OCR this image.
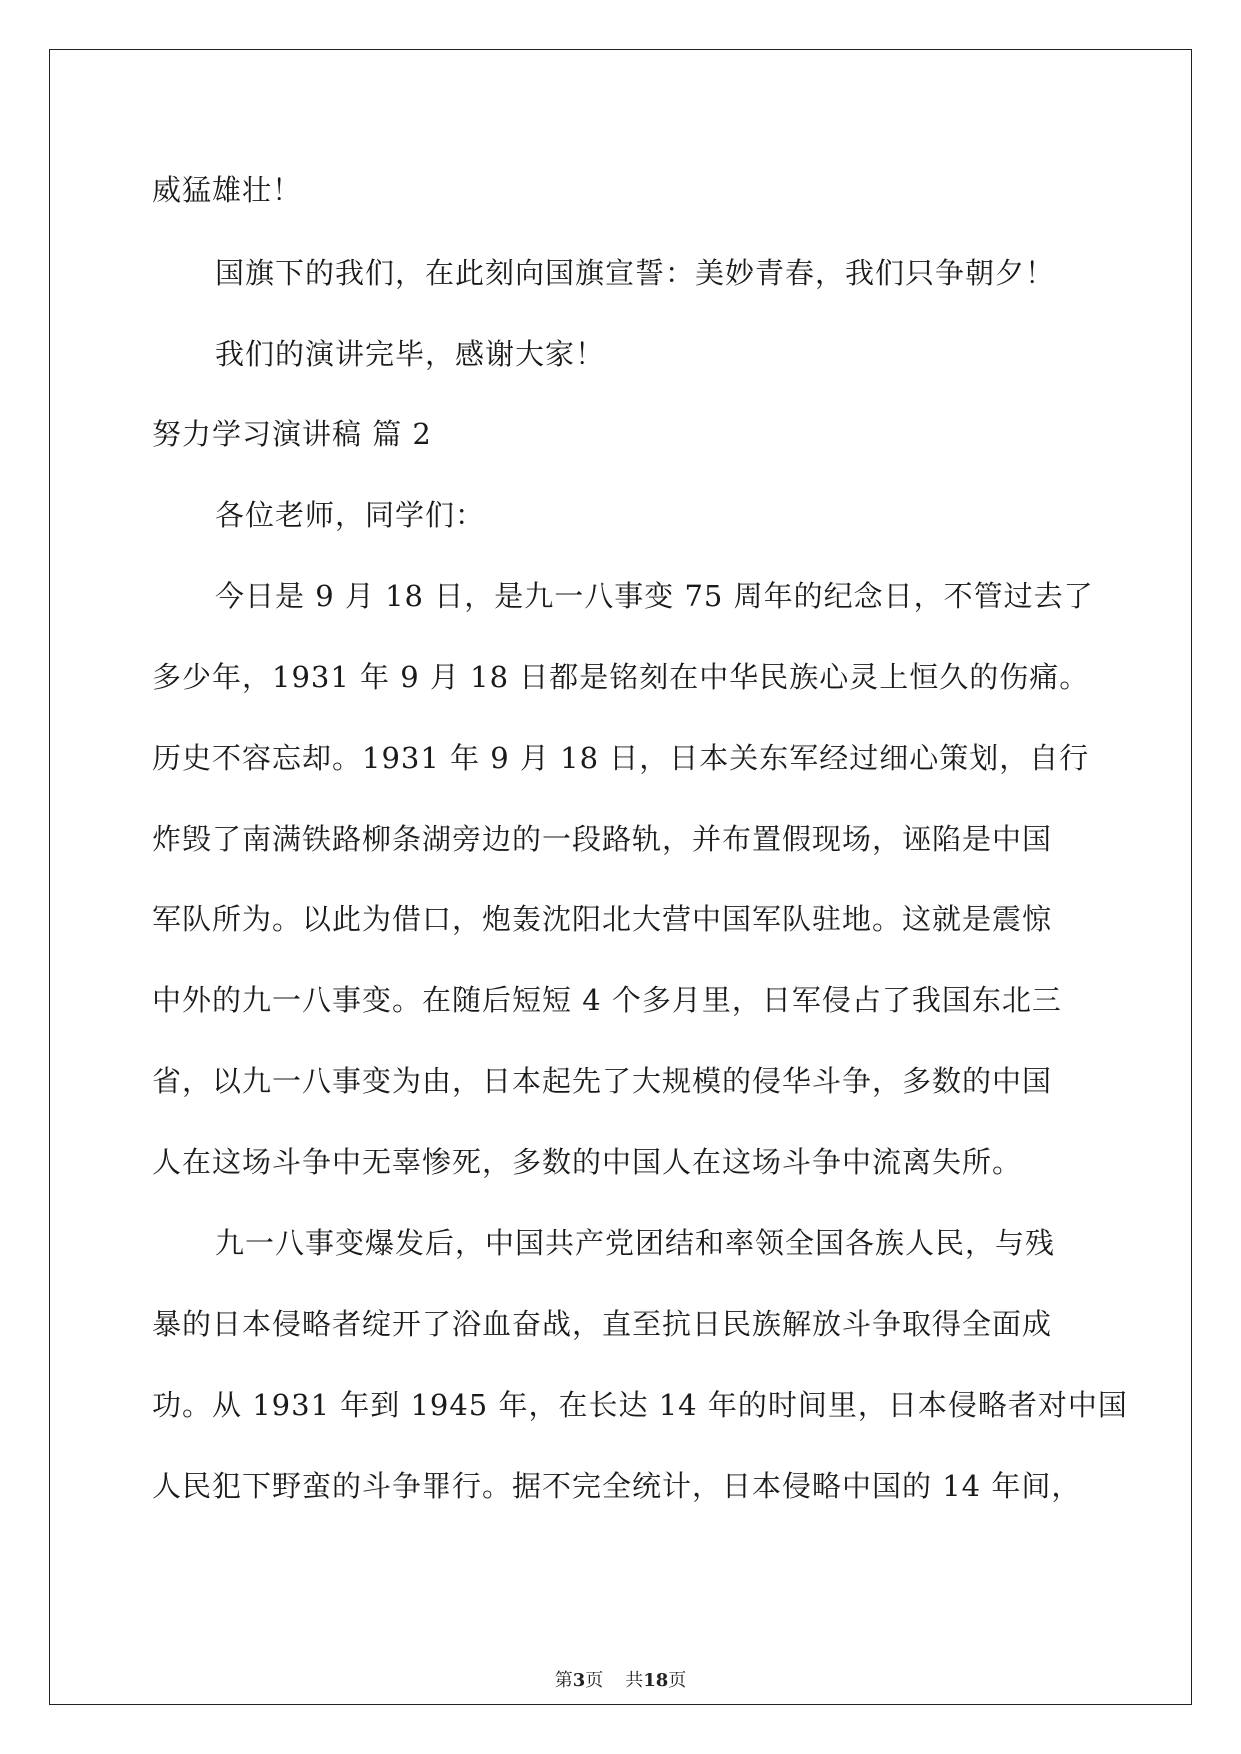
威猛雄壮！
国旗下的我们，在此刻向国旗宣誓：美妙青春，我们只争朝夕！
我们的演讲完毕，感谢大家！
努力学习演讲稿 篇 2
各位老师，同学们：
今日是 9 月 18 日，是九一八事变 75 周年的纪念日，不管过去了
多少年，1931 年 9 月 18 日都是铭刻在中华民族心灵上恒久的伤痛。
历史不容忘却。1931 年 9 月 18 日，日本关东军经过细心策划，自行
炸毁了南满铁路柳条湖旁边的一段路轨，并布置假现场，诬陷是中国
军队所为。以此为借口，炮轰沈阳北大营中国军队驻地。这就是震惊
中外的九一八事变。在随后短短 4 个多月里，日军侵占了我国东北三
省，以九一八事变为由，日本起先了大规模的侵华斗争，多数的中国
人在这场斗争中无辜惨死，多数的中国人在这场斗争中流离失所。
九一八事变爆发后，中国共产党团结和率领全国各族人民，与残
暴的日本侵略者绽开了浴血奋战，直至抗日民族解放斗争取得全面成
功。从 1931 年到 1945 年，在长达 14 年的时间里，日本侵略者对中国
人民犯下野蛮的斗争罪行。据不完全统计，日本侵略中国的 14 年间，
第3页 共18页
